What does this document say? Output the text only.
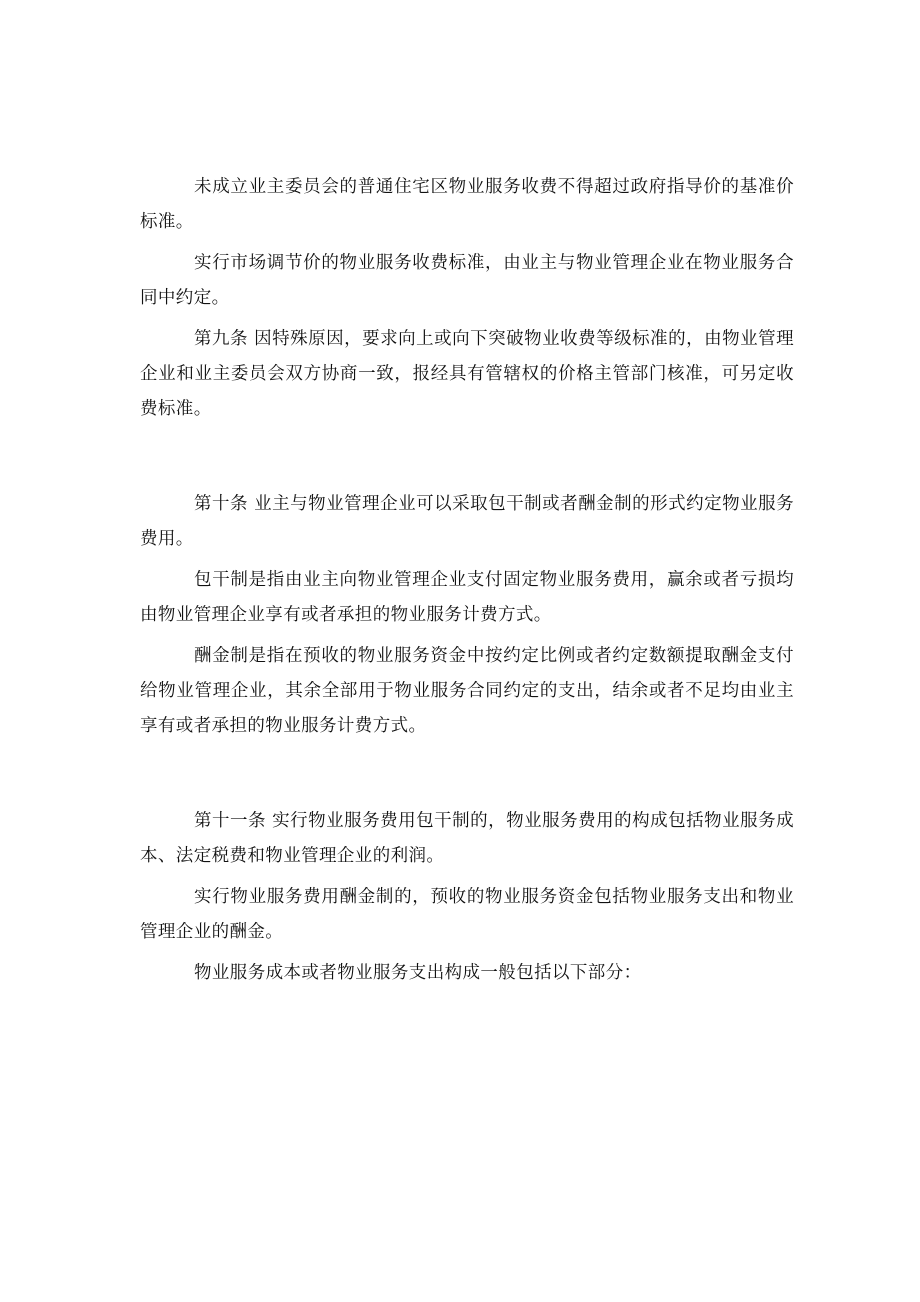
未成立业主委员会的普通住宅区物业服务收费不得超过政府指导价的基准价标准。

实行市场调节价的物业服务收费标准，由业主与物业管理企业在物业服务合同中约定。

第九条 因特殊原因，要求向上或向下突破物业收费等级标准的，由物业管理企业和业主委员会双方协商一致，报经具有管辖权的价格主管部门核准，可另定收费标准。

第十条 业主与物业管理企业可以采取包干制或者酬金制的形式约定物业服务费用。

包干制是指由业主向物业管理企业支付固定物业服务费用，赢余或者亏损均由物业管理企业享有或者承担的物业服务计费方式。

酬金制是指在预收的物业服务资金中按约定比例或者约定数额提取酬金支付给物业管理企业，其余全部用于物业服务合同约定的支出，结余或者不足均由业主享有或者承担的物业服务计费方式。

第十一条 实行物业服务费用包干制的，物业服务费用的构成包括物业服务成本、法定税费和物业管理企业的利润。

实行物业服务费用酬金制的，预收的物业服务资金包括物业服务支出和物业管理企业的酬金。

物业服务成本或者物业服务支出构成一般包括以下部分：
